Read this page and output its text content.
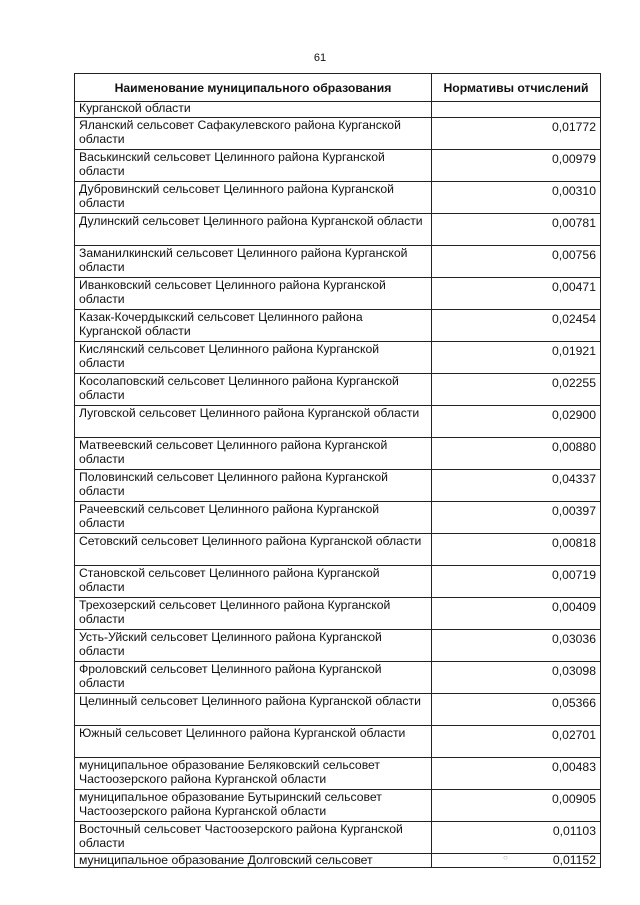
61
Наименование муниципального образования	Нормативы отчислений
Курганской области	
Яланский сельсовет Сафакулевского района Курганской области	0,01772
Васькинский сельсовет Целинного района Курганской области	0,00979
Дубровинский сельсовет Целинного района Курганской области	0,00310
Дулинский сельсовет Целинного района Курганской области	0,00781
Заманилкинский сельсовет Целинного района Курганской области	0,00756
Иванковский сельсовет Целинного района Курганской области	0,00471
Казак-Кочердыкский сельсовет Целинного района Курганской области	0,02454
Кислянский сельсовет Целинного района Курганской области	0,01921
Косолаповский сельсовет Целинного района Курганской области	0,02255
Луговской сельсовет Целинного района Курганской области	0,02900
Матвеевский сельсовет Целинного района Курганской области	0,00880
Половинский сельсовет Целинного района Курганской области	0,04337
Рачеевский сельсовет Целинного района Курганской области	0,00397
Сетовский сельсовет Целинного района Курганской области	0,00818
Становской сельсовет Целинного района Курганской области	0,00719
Трехозерский сельсовет Целинного района Курганской области	0,00409
Усть-Уйский сельсовет Целинного района Курганской области	0,03036
Фроловский сельсовет Целинного района Курганской области	0,03098
Целинный сельсовет Целинного района Курганской области	0,05366
Южный сельсовет Целинного района Курганской области	0,02701
муниципальное образование Беляковский сельсовет Частоозерского района Курганской области	0,00483
муниципальное образование Бутыринский сельсовет Частоозерского района Курганской области	0,00905
Восточный сельсовет Частоозерского района Курганской области	0,01103
муниципальное образование Долговский сельсовет	0,01152
○
